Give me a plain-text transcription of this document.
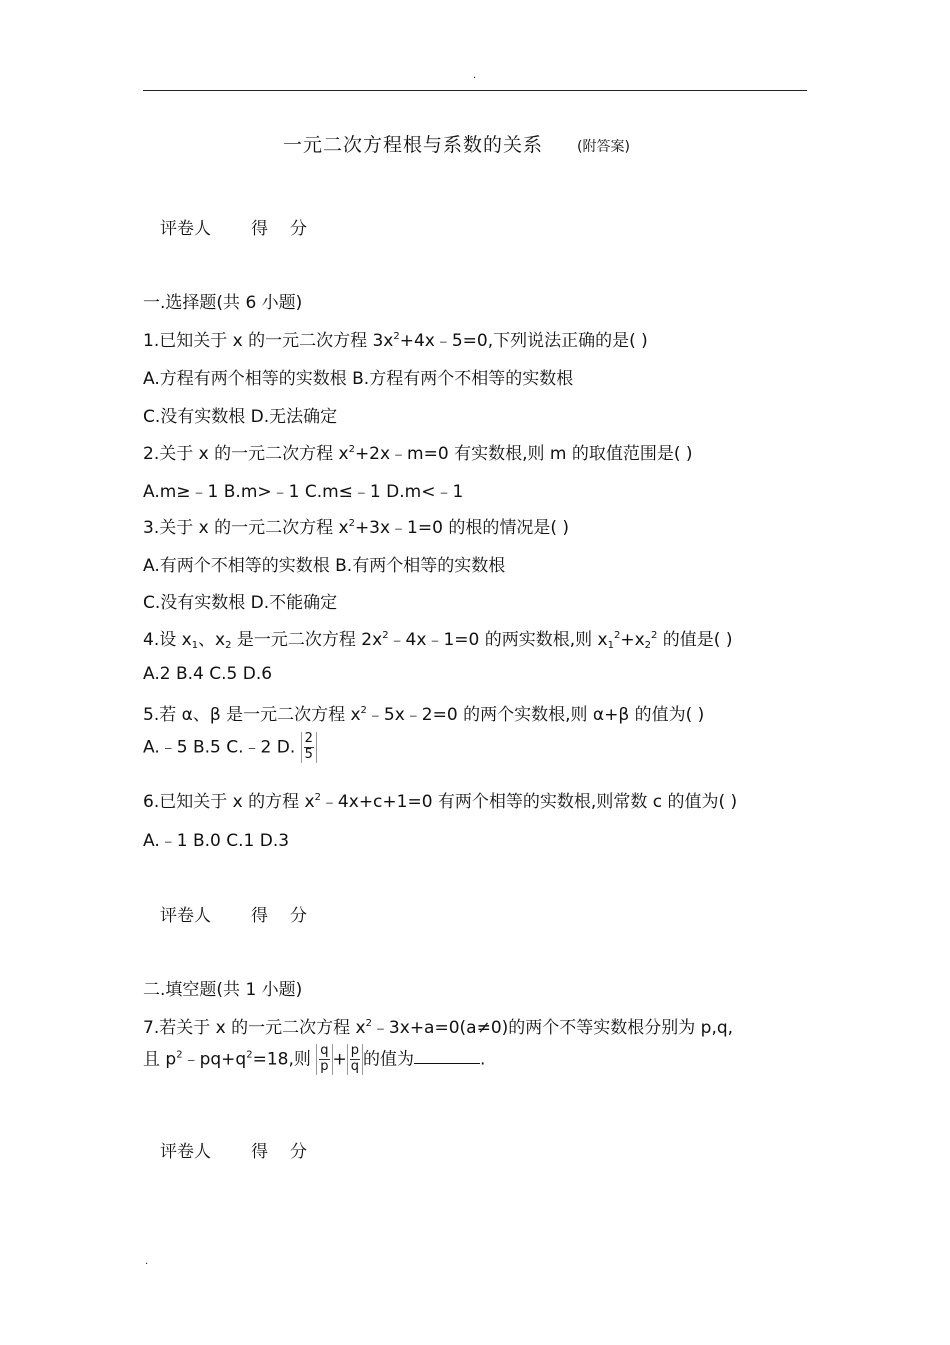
.
一元二次方程根与系数的关系 (附答案)
评卷人 得 分
一.选择题(共 6 小题)
1.已知关于 x 的一元二次方程 $3x^2+4x﹣5=0$,下列说法正确的是( )
A.方程有两个相等的实数根 B.方程有两个不相等的实数根
C.没有实数根 D.无法确定
2.关于 x 的一元二次方程 $x^2+2x﹣m=0$ 有实数根,则 m 的取值范围是( )
A.m≥﹣1 B.m>﹣1 C.m≤﹣1 D.m<﹣1
3.关于 x 的一元二次方程 $x^2+3x﹣1=0$ 的根的情况是( )
A.有两个不相等的实数根 B.有两个相等的实数根
C.没有实数根 D.不能确定
4.设 $x_1$、$x_2$ 是一元二次方程 $2x^2﹣4x﹣1=0$ 的两实数根,则 $x_1^2+x_2^2$ 的值是( )
A.2 B.4 C.5 D.6
5.若 α、β 是一元二次方程 $x^2﹣5x﹣2=0$ 的两个实数根,则 α+β 的值为( )
A.﹣5 B.5 C.﹣2 D. $\frac{2}{5}$
6.已知关于 x 的方程 $x^2﹣4x+c+1=0$ 有两个相等的实数根,则常数 c 的值为( )
A.﹣1 B.0 C.1 D.3
评卷人 得 分
二.填空题(共 1 小题)
7.若关于 x 的一元二次方程 $x^2﹣3x+a=0(a\ne 0)$的两个不等实数根分别为 p,q,
且 $p^2﹣pq+q^2=18$,则 $\frac{q}{p} + \frac{p}{q}$ 的值为	.
评卷人 得 分
.
